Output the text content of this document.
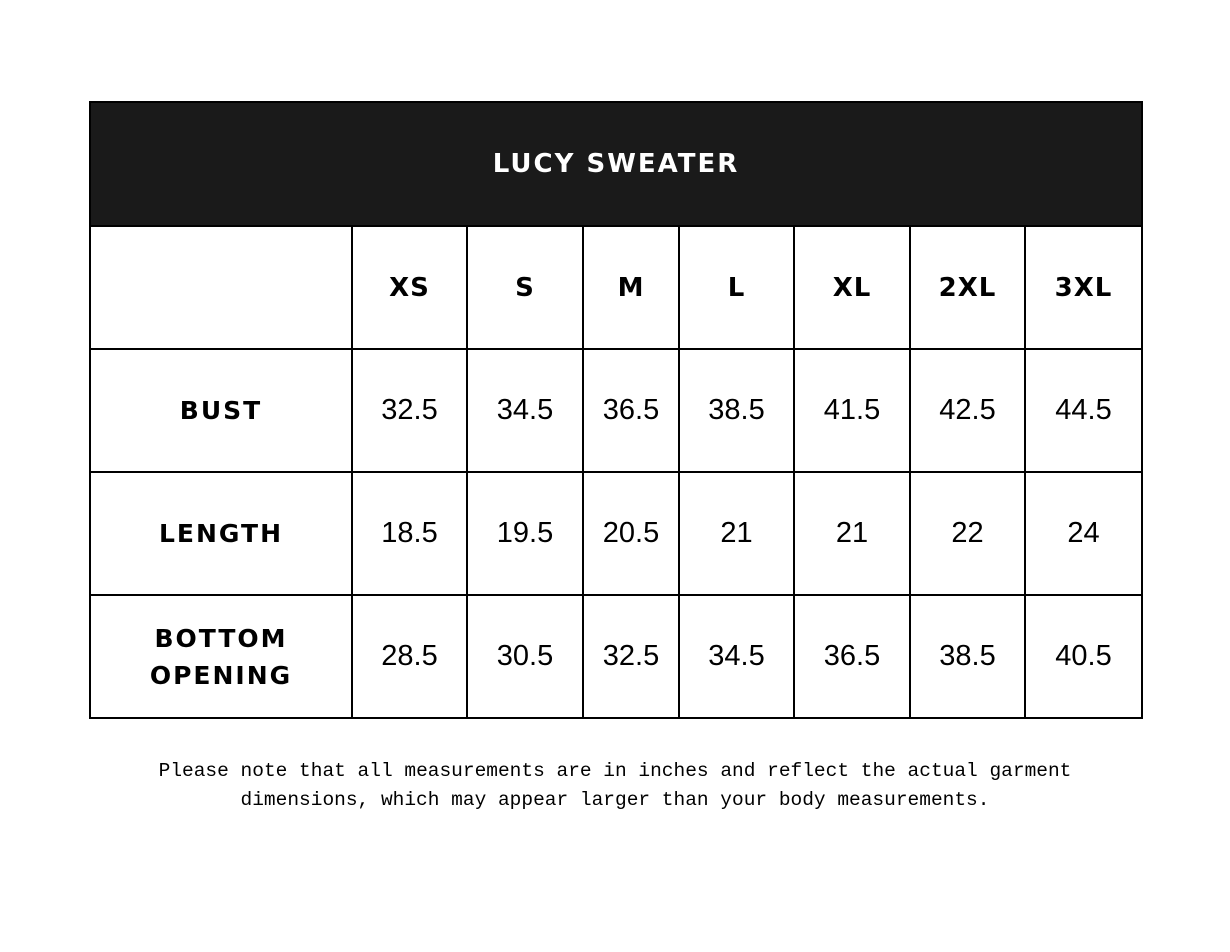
LUCY SWEATER							
	XS	S	M	L	XL	2XL	3XL
BUST	32.5	34.5	36.5	38.5	41.5	42.5	44.5
LENGTH	18.5	19.5	20.5	21	21	22	24
BOTTOM
OPENING	28.5	30.5	32.5	34.5	36.5	38.5	40.5
Please note that all measurements are in inches and reflect the actual garment
dimensions, which may appear larger than your body measurements.
